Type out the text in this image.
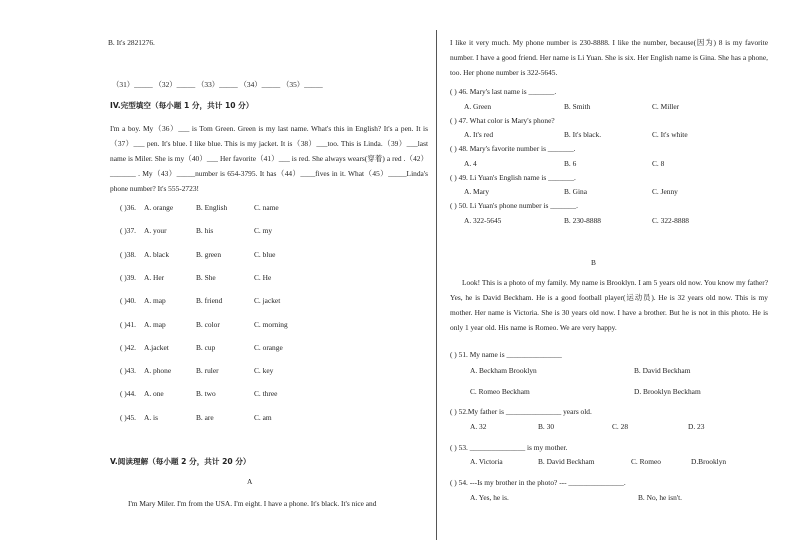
B. It's 2821276.
（31）_____ （32）_____ （33）_____ （34）_____ （35）_____
IV.完型填空（每小题 1 分，共计 10 分）
I'm a boy. My（36）___ is Tom Green. Green is my last name. What's this in English? It's a pen. It is（37）___ pen. It's blue. I like blue. This is my jacket. It is（38）___too. This is Linda.（39）___last name is Miler. She is my（40）___ Her favorite（41）___ is red. She always wears(穿着) a red .（42）_______ . My（43）_____number is 654-3795. It has（44）____fives in it. What（45）_____Linda's phone number? It's 555-2723!
( )36. A. orange	B. English	C. name
( )37. A. your	B. his	C. my
( )38. A. black	B. green	C. blue
( )39. A. Her	B. She	C. He
( )40. A. map	B. friend	C. jacket
( )41. A. map	B. color	C. morning
( )42. A.jacket	B. cup	C. orange
( )43. A. phone	B. ruler	C. key
( )44. A. one	B. two	C. three
( )45. A. is	B. are	C. am
V.阅读理解（每小题 2 分，共计 20 分）
A
I'm Mary Miler. I'm from the USA. I'm eight. I have a phone. It's black. It's nice and
I like it very much. My phone number is 230-8888. I like the number, because(因为) 8 is my favorite number. I have a good friend. Her name is Li Yuan. She is six. Her English name is Gina. She has a phone, too. Her phone number is 322-5645.
( ) 46. Mary's last name is _______.
A. Green	B. Smith	C. Miller
( ) 47. What color is Mary's phone?
A. It's red	B. It's black.	C. It's white
( ) 48. Mary's favorite number is _______.
A. 4	B. 6	C. 8
( ) 49. Li Yuan's English name is _______.
A. Mary	B. Gina	C. Jenny
( ) 50. Li Yuan's phone number is _______.
A. 322-5645	B. 230-8888	C. 322-8888
B
Look! This is a photo of my family. My name is Brooklyn. I am 5 years old now. You know my father? Yes, he is David Beckham. He is a good football player(运动员). He is 32 years old now. This is my mother. Her name is Victoria. She is 30 years old now. I have a brother. But he is not in this photo. He is only 1 year old. His name is Romeo. We are very happy.
( ) 51. My name is _______________
A. Beckham Brooklyn	B. David Beckham
C. Romeo Beckham	D. Brooklyn Beckham
( ) 52.My father is _______________ years old.
A. 32	B. 30	C. 28	D. 23
( ) 53. _______________ is my mother.
A. Victoria	B. David Beckham	C. Romeo	D.Brooklyn
( ) 54. ---Is my brother in the photo? --- _______________.
A. Yes, he is.	B. No, he isn't.
